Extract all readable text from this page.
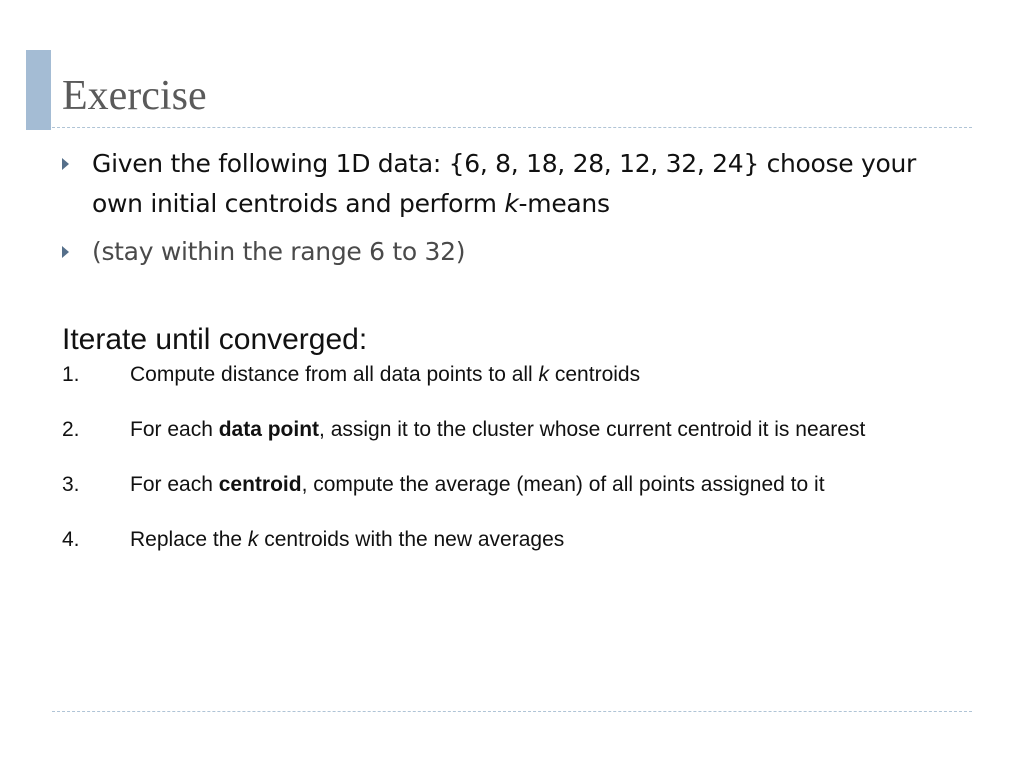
Exercise
Given the following 1D data: {6, 8, 18, 28, 12, 32, 24} choose your own initial centroids and perform k-means
(stay within the range 6 to 32)

Iterate until converged:

1. Compute distance from all data points to all k centroids
2. For each data point, assign it to the cluster whose current centroid it is nearest
3. For each centroid, compute the average (mean) of all points assigned to it
4. Replace the k centroids with the new averages
